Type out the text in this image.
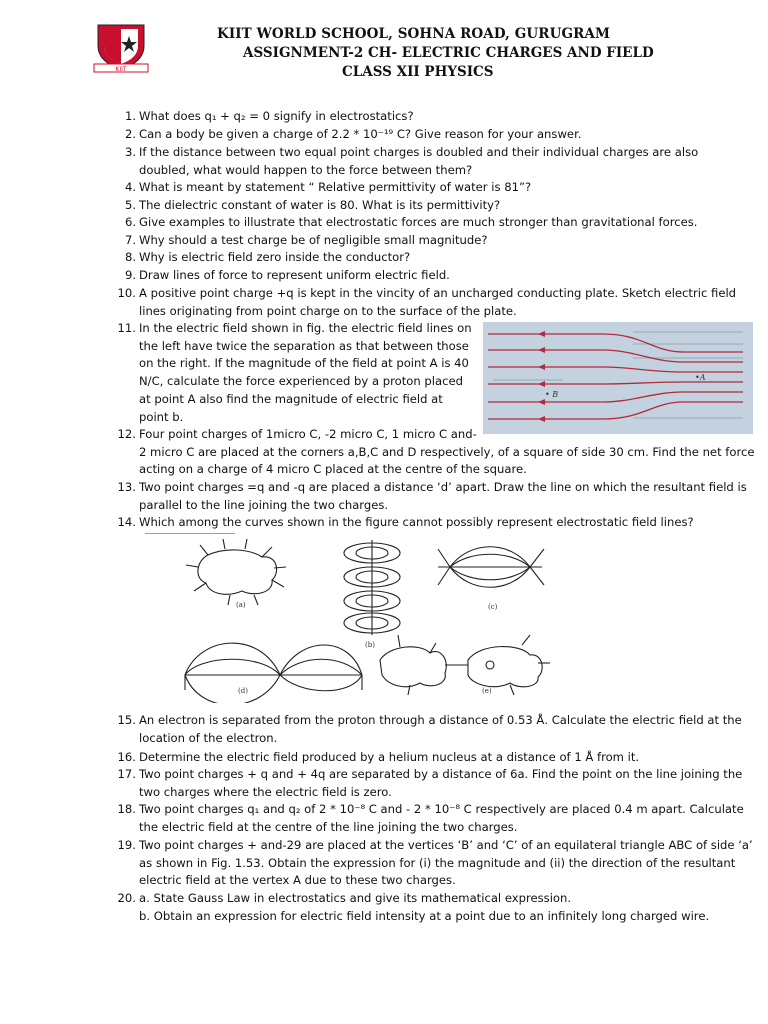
KIIT
KIIT WORLD SCHOOL, SOHNA ROAD, GURUGRAM
ASSIGNMENT-2 CH- ELECTRIC CHARGES AND FIELD
CLASS XII PHYSICS
1. What does q₁ + q₂ = 0 signify in electrostatics?
2. Can a body be given a charge of 2.2 * 10⁻¹⁹ C? Give reason for your answer.
3. If the distance between two equal point charges is doubled and their individual charges are also
doubled, what would happen to the force between them?
4. What is meant by statement “ Relative permittivity of water is 81”?
5. The dielectric constant of water is 80. What is its permittivity?
6. Give examples to illustrate that electrostatic forces are much stronger than gravitational forces.
7. Why should a test charge be of negligible small magnitude?
8. Why is electric field zero inside the conductor?
9. Draw lines of force to represent uniform electric field.
10. A positive point charge +q is kept in the vincity of an uncharged conducting plate. Sketch electric field
lines originating from point charge on to the surface of the plate.
11. In the electric field shown in fig. the electric field lines on
the left have twice the separation as that between those
on the right. If the magnitude of the field at point A is 40
N/C, calculate the force experienced by a proton placed
at point A also find the magnitude of electric field at
point b.
12. Four point charges of 1micro C, -2 micro C, 1 micro C and-
2 micro C are placed at the corners a,B,C and D respectively, of a square of side 30 cm. Find the net force
acting on a charge of 4 micro C placed at the centre of the square.
13. Two point charges =q and -q are placed a distance ‘d’ apart. Draw the line on which the resultant field is
parallel to the line joining the two charges.
14. Which among the curves shown in the figure cannot possibly represent electrostatic field lines?
15. An electron is separated from the proton through a distance of 0.53 Å. Calculate the electric field at the
location of the electron.
16. Determine the electric field produced by a helium nucleus at a distance of 1 Å from it.
17. Two point charges + q and + 4q are separated by a distance of 6a. Find the point on the line joining the
two charges where the electric field is zero.
18. Two point charges q₁ and q₂ of 2 * 10⁻⁸ C and - 2 * 10⁻⁸ C respectively are placed 0.4 m apart. Calculate
the electric field at the centre of the line joining the two charges.
19. Two point charges + and-29 are placed at the vertices ‘B’ and ‘C’ of an equilateral triangle ABC of side ‘a’
as shown in Fig. 1.53. Obtain the expression for (i) the magnitude and (ii) the direction of the resultant
electric field at the vertex A due to these two charges.
20. a. State Gauss Law in electrostatics and give its mathematical expression.
b. Obtain an expression for electric field intensity at a point due to an infinitely long charged wire.
•A
• B
(a)
(b)
(c)
(d)	(e)
